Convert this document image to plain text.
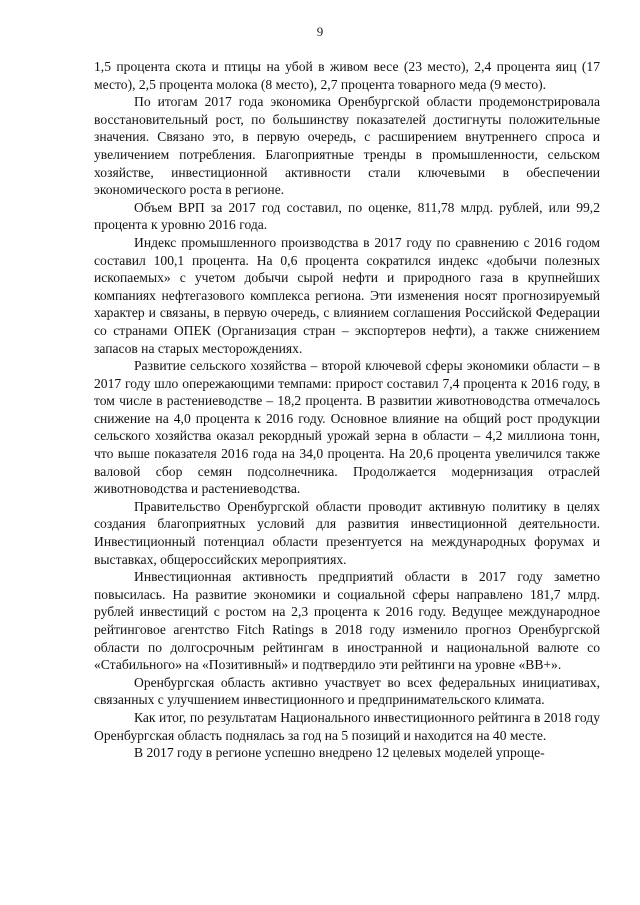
9

1,5 процента скота и птицы на убой в живом весе (23 место), 2,4 процента яиц (17 место), 2,5 процента молока (8 место), 2,7 процента товарного меда (9 место).

По итогам 2017 года экономика Оренбургской области продемонстрировала восстановительный рост, по большинству показателей достигнуты положительные значения. Связано это, в первую очередь, с расширением внутреннего спроса и увеличением потребления. Благоприятные тренды в промышленности, сельском хозяйстве, инвестиционной активности стали ключевыми в обеспечении экономического роста в регионе.

Объем ВРП за 2017 год составил, по оценке, 811,78 млрд. рублей, или 99,2 процента к уровню 2016 года.

Индекс промышленного производства в 2017 году по сравнению с 2016 годом составил 100,1 процента. На 0,6 процента сократился индекс «добычи полезных ископаемых» с учетом добычи сырой нефти и природного газа в крупнейших компаниях нефтегазового комплекса региона. Эти изменения носят прогнозируемый характер и связаны, в первую очередь, с влиянием соглашения Российской Федерации со странами ОПЕК (Организация стран – экспортеров нефти), а также снижением запасов на старых месторождениях.

Развитие сельского хозяйства – второй ключевой сферы экономики области – в 2017 году шло опережающими темпами: прирост составил 7,4 процента к 2016 году, в том числе в растениеводстве – 18,2 процента. В развитии животноводства отмечалось снижение на 4,0 процента к 2016 году. Основное влияние на общий рост продукции сельского хозяйства оказал рекордный урожай зерна в области – 4,2 миллиона тонн, что выше показателя 2016 года на 34,0 процента. На 20,6 процента увеличился также валовой сбор семян подсолнечника. Продолжается модернизация отраслей животноводства и растениеводства.

Правительство Оренбургской области проводит активную политику в целях создания благоприятных условий для развития инвестиционной деятельности. Инвестиционный потенциал области презентуется на международных форумах и выставках, общероссийских мероприятиях.

Инвестиционная активность предприятий области в 2017 году заметно повысилась. На развитие экономики и социальной сферы направлено 181,7 млрд. рублей инвестиций с ростом на 2,3 процента к 2016 году. Ведущее международное рейтинговое агентство Fitch Ratings в 2018 году изменило прогноз Оренбургской области по долгосрочным рейтингам в иностранной и национальной валюте со «Стабильного» на «Позитивный» и подтвердило эти рейтинги на уровне «BB+».

Оренбургская область активно участвует во всех федеральных инициативах, связанных с улучшением инвестиционного и предпринимательского климата.

Как итог, по результатам Национального инвестиционного рейтинга в 2018 году Оренбургская область поднялась за год на 5 позиций и находится на 40 месте.

В 2017 году в регионе успешно внедрено 12 целевых моделей упроще-
